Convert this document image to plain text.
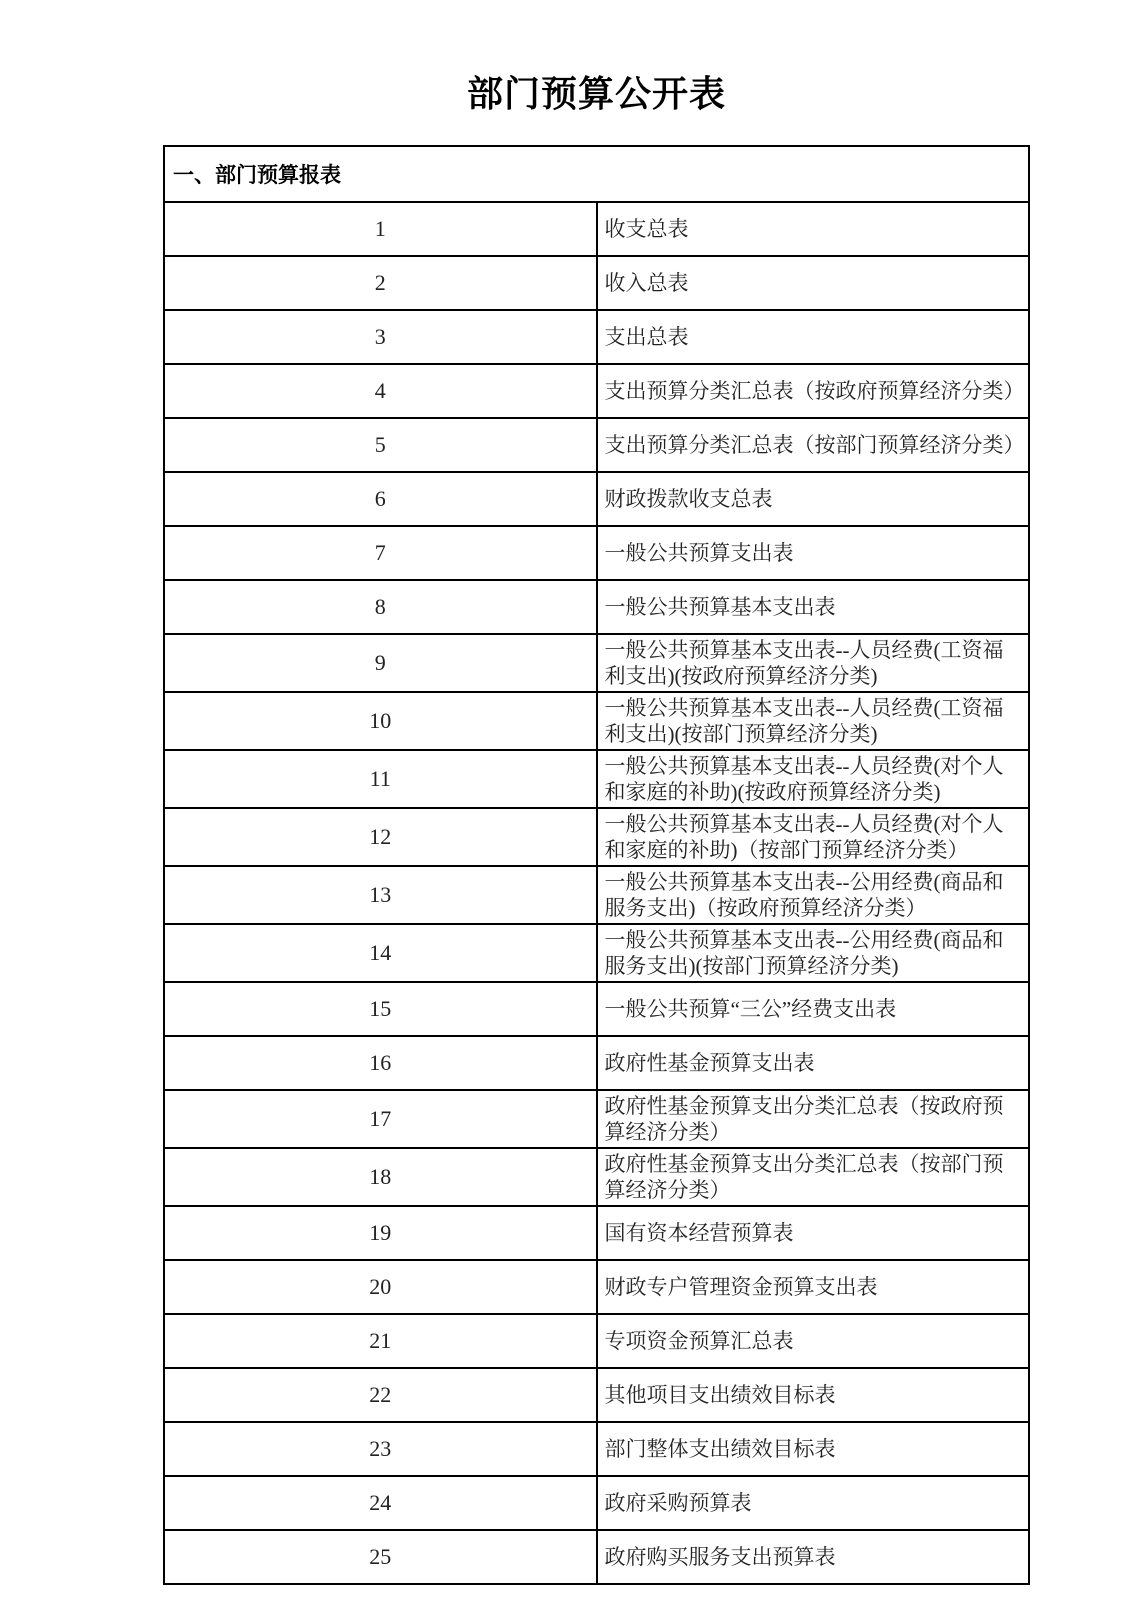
部门预算公开表
一、部门预算报表	
1	收支总表
2	收入总表
3	支出总表
4	支出预算分类汇总表（按政府预算经济分类）
5	支出预算分类汇总表（按部门预算经济分类）
6	财政拨款收支总表
7	一般公共预算支出表
8	一般公共预算基本支出表
9	一般公共预算基本支出表--人员经费(工资福利支出)(按政府预算经济分类)
10	一般公共预算基本支出表--人员经费(工资福利支出)(按部门预算经济分类)
11	一般公共预算基本支出表--人员经费(对个人和家庭的补助)(按政府预算经济分类)
12	一般公共预算基本支出表--人员经费(对个人和家庭的补助)（按部门预算经济分类）
13	一般公共预算基本支出表--公用经费(商品和服务支出)（按政府预算经济分类）
14	一般公共预算基本支出表--公用经费(商品和服务支出)(按部门预算经济分类)
15	一般公共预算“三公”经费支出表
16	政府性基金预算支出表
17	政府性基金预算支出分类汇总表（按政府预算经济分类）
18	政府性基金预算支出分类汇总表（按部门预算经济分类）
19	国有资本经营预算表
20	财政专户管理资金预算支出表
21	专项资金预算汇总表
22	其他项目支出绩效目标表
23	部门整体支出绩效目标表
24	政府采购预算表
25	政府购买服务支出预算表
